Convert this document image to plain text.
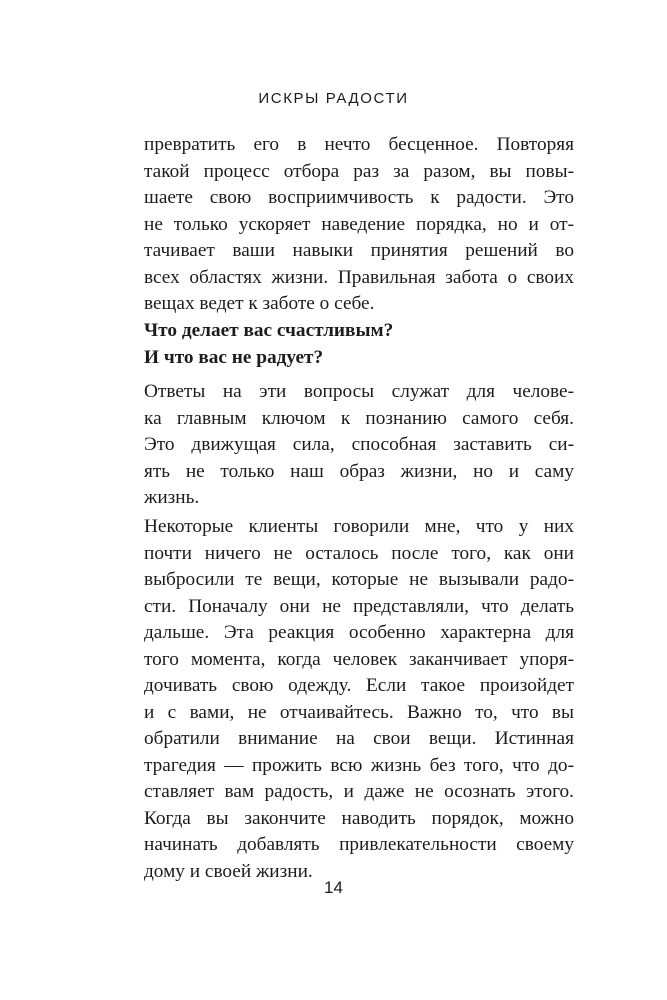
ИСКРЫ РАДОСТИ
превратить его в нечто бесценное. Повторяя
такой процесс отбора раз за разом, вы повы-
шаете свою восприимчивость к радости. Это
не только ускоряет наведение порядка, но и от-
тачивает ваши навыки принятия решений во
всех областях жизни. Правильная забота о своих
вещах ведет к заботе о себе.
Что делает вас счастливым?
И что вас не радует?
Ответы на эти вопросы служат для челове-
ка главным ключом к познанию самого себя.
Это движущая сила, способная заставить си-
ять не только наш образ жизни, но и саму
жизнь.
Некоторые клиенты говорили мне, что у них
почти ничего не осталось после того, как они
выбросили те вещи, которые не вызывали радо-
сти. Поначалу они не представляли, что делать
дальше. Эта реакция особенно характерна для
того момента, когда человек заканчивает упоря-
дочивать свою одежду. Если такое произойдет
и с вами, не отчаивайтесь. Важно то, что вы
обратили внимание на свои вещи. Истинная
трагедия — прожить всю жизнь без того, что до-
ставляет вам радость, и даже не осознать этого.
Когда вы закончите наводить порядок, можно
начинать добавлять привлекательности своему
дому и своей жизни.
14
